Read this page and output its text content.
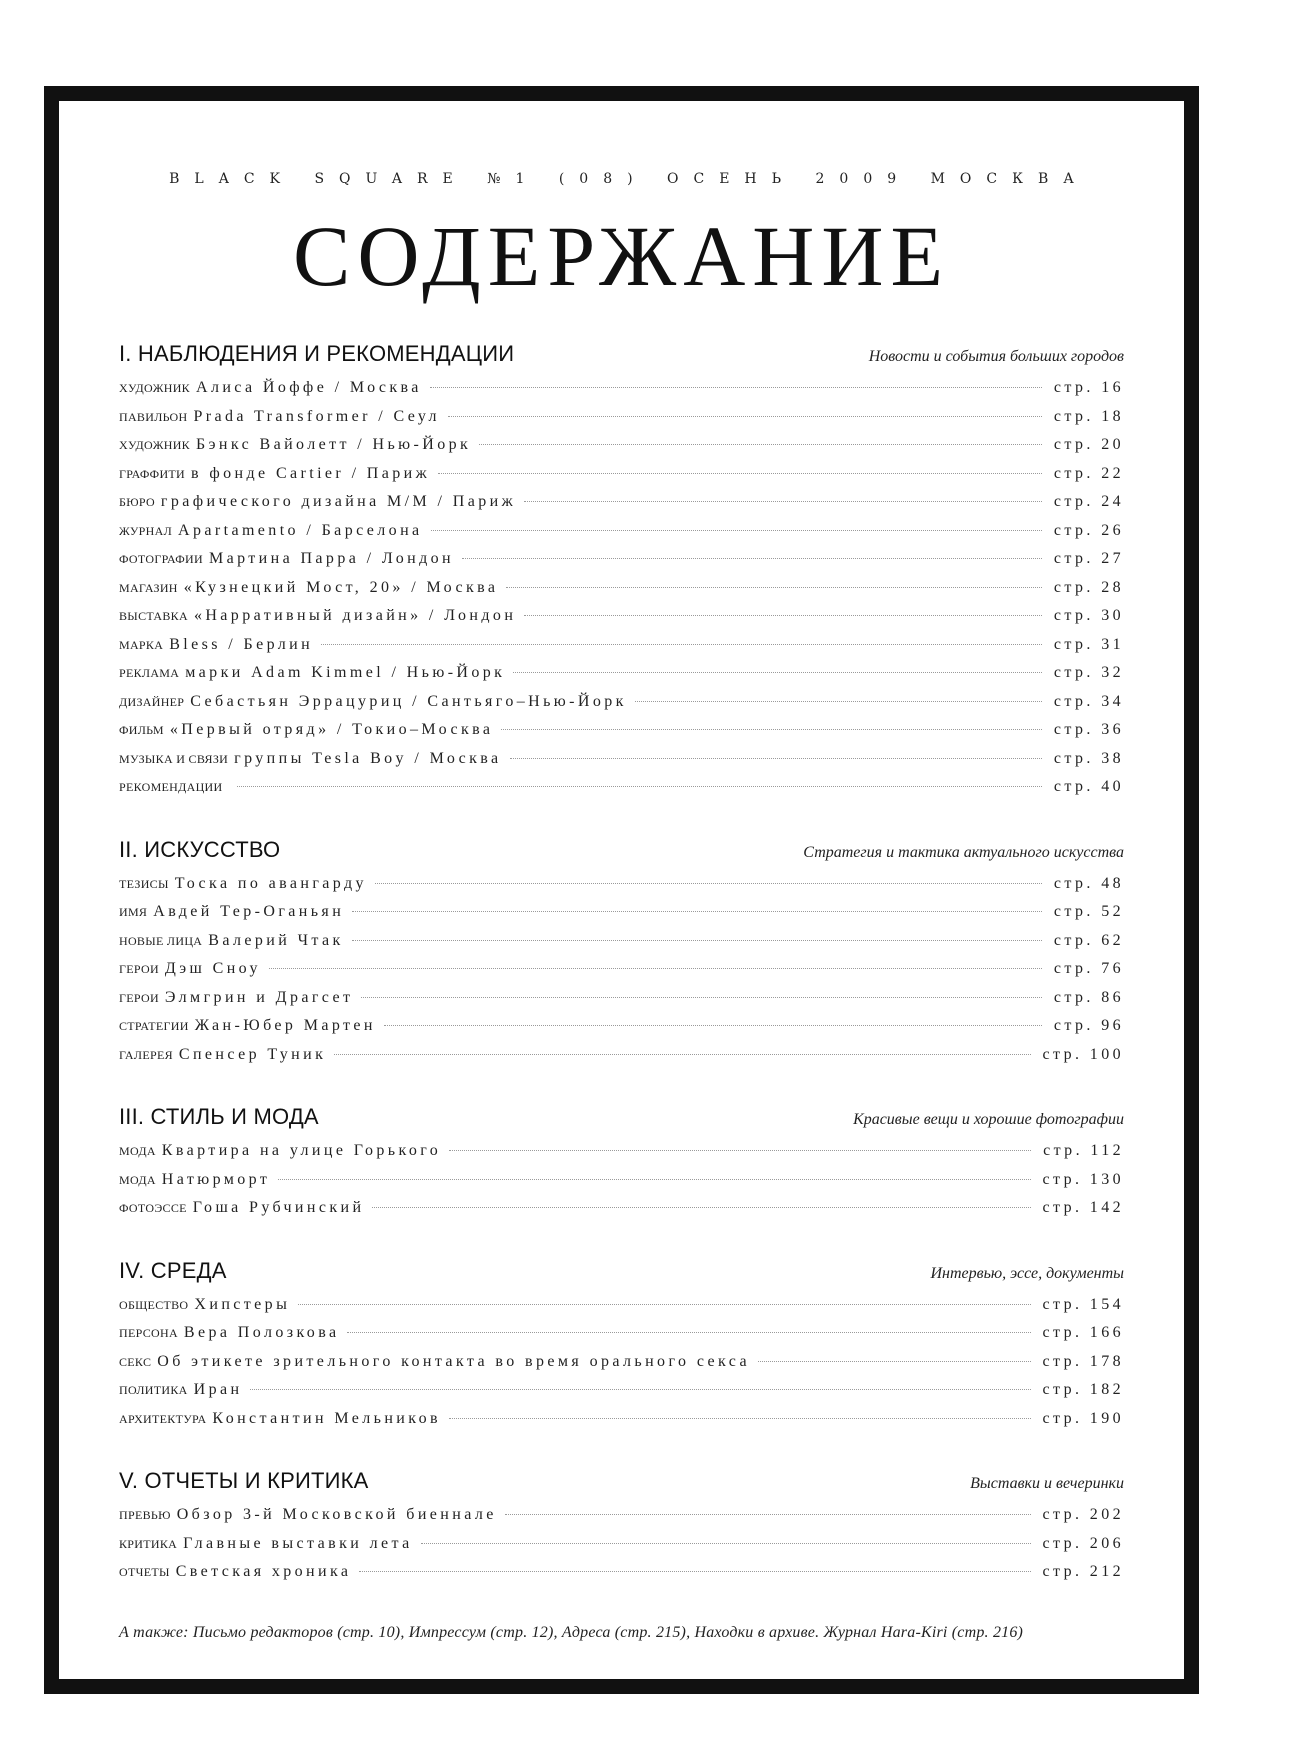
BLACK SQUARE №1 (08) ОСЕНЬ 2009 МОСКВА
СОДЕРЖАНИЕ
I. НАБЛЮДЕНИЯ И РЕКОМЕНДАЦИИ	Новости и события больших городов
ХУДОЖНИК Алиса Йоффе / Москва	стр. 16
ПАВИЛЬОН Prada Transformer / Сеул	стр. 18
ХУДОЖНИК Бэнкс Вайолетт / Нью-Йорк	стр. 20
ГРАФФИТИ в фонде Cartier / Париж	стр. 22
БЮРО графического дизайна M/M / Париж	стр. 24
ЖУРНАЛ Apartamento / Барселона	стр. 26
ФОТОГРАФИИ Мартина Парра / Лондон	стр. 27
МАГАЗИН «Кузнецкий Мост, 20» / Москва	стр. 28
ВЫСТАВКА «Нарративный дизайн» / Лондон	стр. 30
МАРКА Bless / Берлин	стр. 31
РЕКЛАМА марки Adam Kimmel / Нью-Йорк	стр. 32
ДИЗАЙНЕР Себастьян Эррацуриц / Сантьяго–Нью-Йорк	стр. 34
ФИЛЬМ «Первый отряд» / Токио–Москва	стр. 36
МУЗЫКА И СВЯЗИ группы Tesla Boy / Москва	стр. 38
РЕКОМЕНДАЦИИ	стр. 40
II. ИСКУССТВО	Стратегия и тактика актуального искусства
ТЕЗИСЫ Тоска по авангарду	стр. 48
ИМЯ Авдей Тер-Оганьян	стр. 52
НОВЫЕ ЛИЦА Валерий Чтак	стр. 62
ГЕРОИ Дэш Сноу	стр. 76
ГЕРОИ Элмгрин и Драгсет	стр. 86
СТРАТЕГИИ Жан-Юбер Мартен	стр. 96
ГАЛЕРЕЯ Спенсер Туник	стр. 100
III. СТИЛЬ И МОДА	Красивые вещи и хорошие фотографии
МОДА Квартира на улице Горького	стр. 112
МОДА Натюрморт	стр. 130
ФОТОЭССЕ Гоша Рубчинский	стр. 142
IV. СРЕДА	Интервью, эссе, документы
ОБЩЕСТВО Хипстеры	стр. 154
ПЕРСОНА Вера Полозкова	стр. 166
СЕКС Об этикете зрительного контакта во время орального секса	стр. 178
ПОЛИТИКА Иран	стр. 182
АРХИТЕКТУРА Константин Мельников	стр. 190
V. ОТЧЕТЫ И КРИТИКА	Выставки и вечеринки
ПРЕВЬЮ Обзор 3-й Московской биеннале	стр. 202
КРИТИКА Главные выставки лета	стр. 206
ОТЧЕТЫ Светская хроника	стр. 212
А также: Письмо редакторов (стр. 10), Импрессум (стр. 12), Адреса (стр. 215), Находки в архиве. Журнал Hara-Kiri (стр. 216)
